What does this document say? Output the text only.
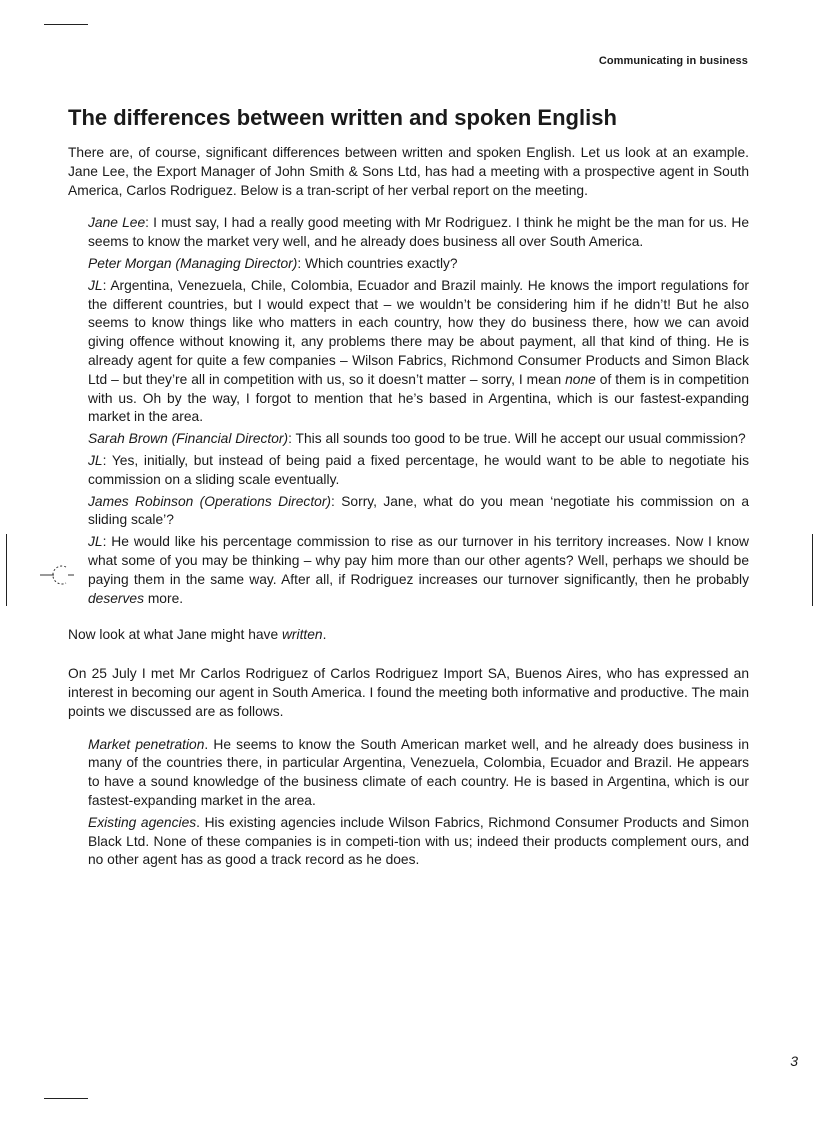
Communicating in business
The differences between written and spoken English

There are, of course, significant differences between written and spoken English. Let us look at an example. Jane Lee, the Export Manager of John Smith & Sons Ltd, has had a meeting with a prospective agent in South America, Carlos Rodriguez. Below is a tran-script of her verbal report on the meeting.

Jane Lee: I must say, I had a really good meeting with Mr Rodriguez. I think he might be the man for us. He seems to know the market very well, and he already does business all over South America.

Peter Morgan (Managing Director): Which countries exactly?

JL: Argentina, Venezuela, Chile, Colombia, Ecuador and Brazil mainly. He knows the import regulations for the different countries, but I would expect that – we wouldn’t be considering him if he didn’t! But he also seems to know things like who matters in each country, how they do business there, how we can avoid giving offence without knowing it, any problems there may be about payment, all that kind of thing. He is already agent for quite a few companies – Wilson Fabrics, Richmond Consumer Products and Simon Black Ltd – but they’re all in competition with us, so it doesn’t matter – sorry, I mean none of them is in competition with us. Oh by the way, I forgot to mention that he’s based in Argentina, which is our fastest-expanding market in the area.

Sarah Brown (Financial Director): This all sounds too good to be true. Will he accept our usual commission?

JL: Yes, initially, but instead of being paid a fixed percentage, he would want to be able to negotiate his commission on a sliding scale eventually.

James Robinson (Operations Director): Sorry, Jane, what do you mean ‘negotiate his commission on a sliding scale’?

JL: He would like his percentage commission to rise as our turnover in his territory increases. Now I know what some of you may be thinking – why pay him more than our other agents? Well, perhaps we should be paying them in the same way. After all, if Rodriguez increases our turnover significantly, then he probably deserves more.

Now look at what Jane might have written.

On 25 July I met Mr Carlos Rodriguez of Carlos Rodriguez Import SA, Buenos Aires, who has expressed an interest in becoming our agent in South America. I found the meeting both informative and productive. The main points we discussed are as follows.

Market penetration. He seems to know the South American market well, and he already does business in many of the countries there, in particular Argentina, Venezuela, Colombia, Ecuador and Brazil. He appears to have a sound knowledge of the business climate of each country. He is based in Argentina, which is our fastest-expanding market in the area.

Existing agencies. His existing agencies include Wilson Fabrics, Richmond Consumer Products and Simon Black Ltd. None of these companies is in competi-tion with us; indeed their products complement ours, and no other agent has as good a track record as he does.

3
